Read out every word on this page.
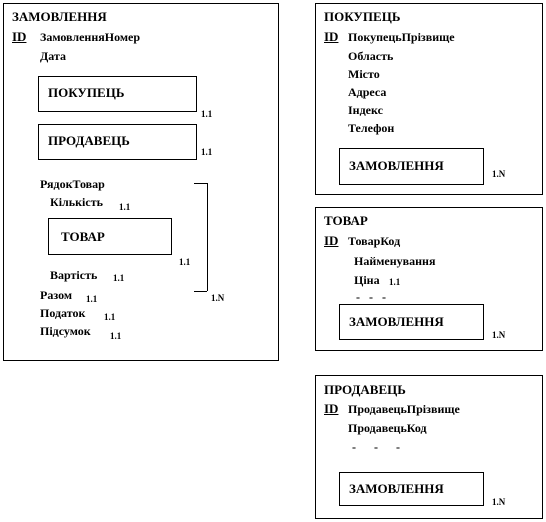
ЗАМОВЛЕННЯ
ID ЗамовленняНомер
Дата
ПОКУПЕЦЬ
1.1
ПРОДАВЕЦЬ
1.1
РядокТовар
Кількість 1.1
ТОВАР
1.1
Вартість 1.1
1.N
Разом 1.1
Податок 1.1
Підсумок 1.1
ПОКУПЕЦЬ
ID ПокупецьПрізвище
Область
Місто
Адреса
Індекс
Телефон
ЗАМОВЛЕННЯ
1.N
ТОВАР
ID ТоварКод
Найменування
Ціна 1.1
-   -   -
ЗАМОВЛЕННЯ
1.N
ПРОДАВЕЦЬ
ID ПродавецьПрізвище
ПродавецьКод
-      -      -
ЗАМОВЛЕННЯ
1.N
